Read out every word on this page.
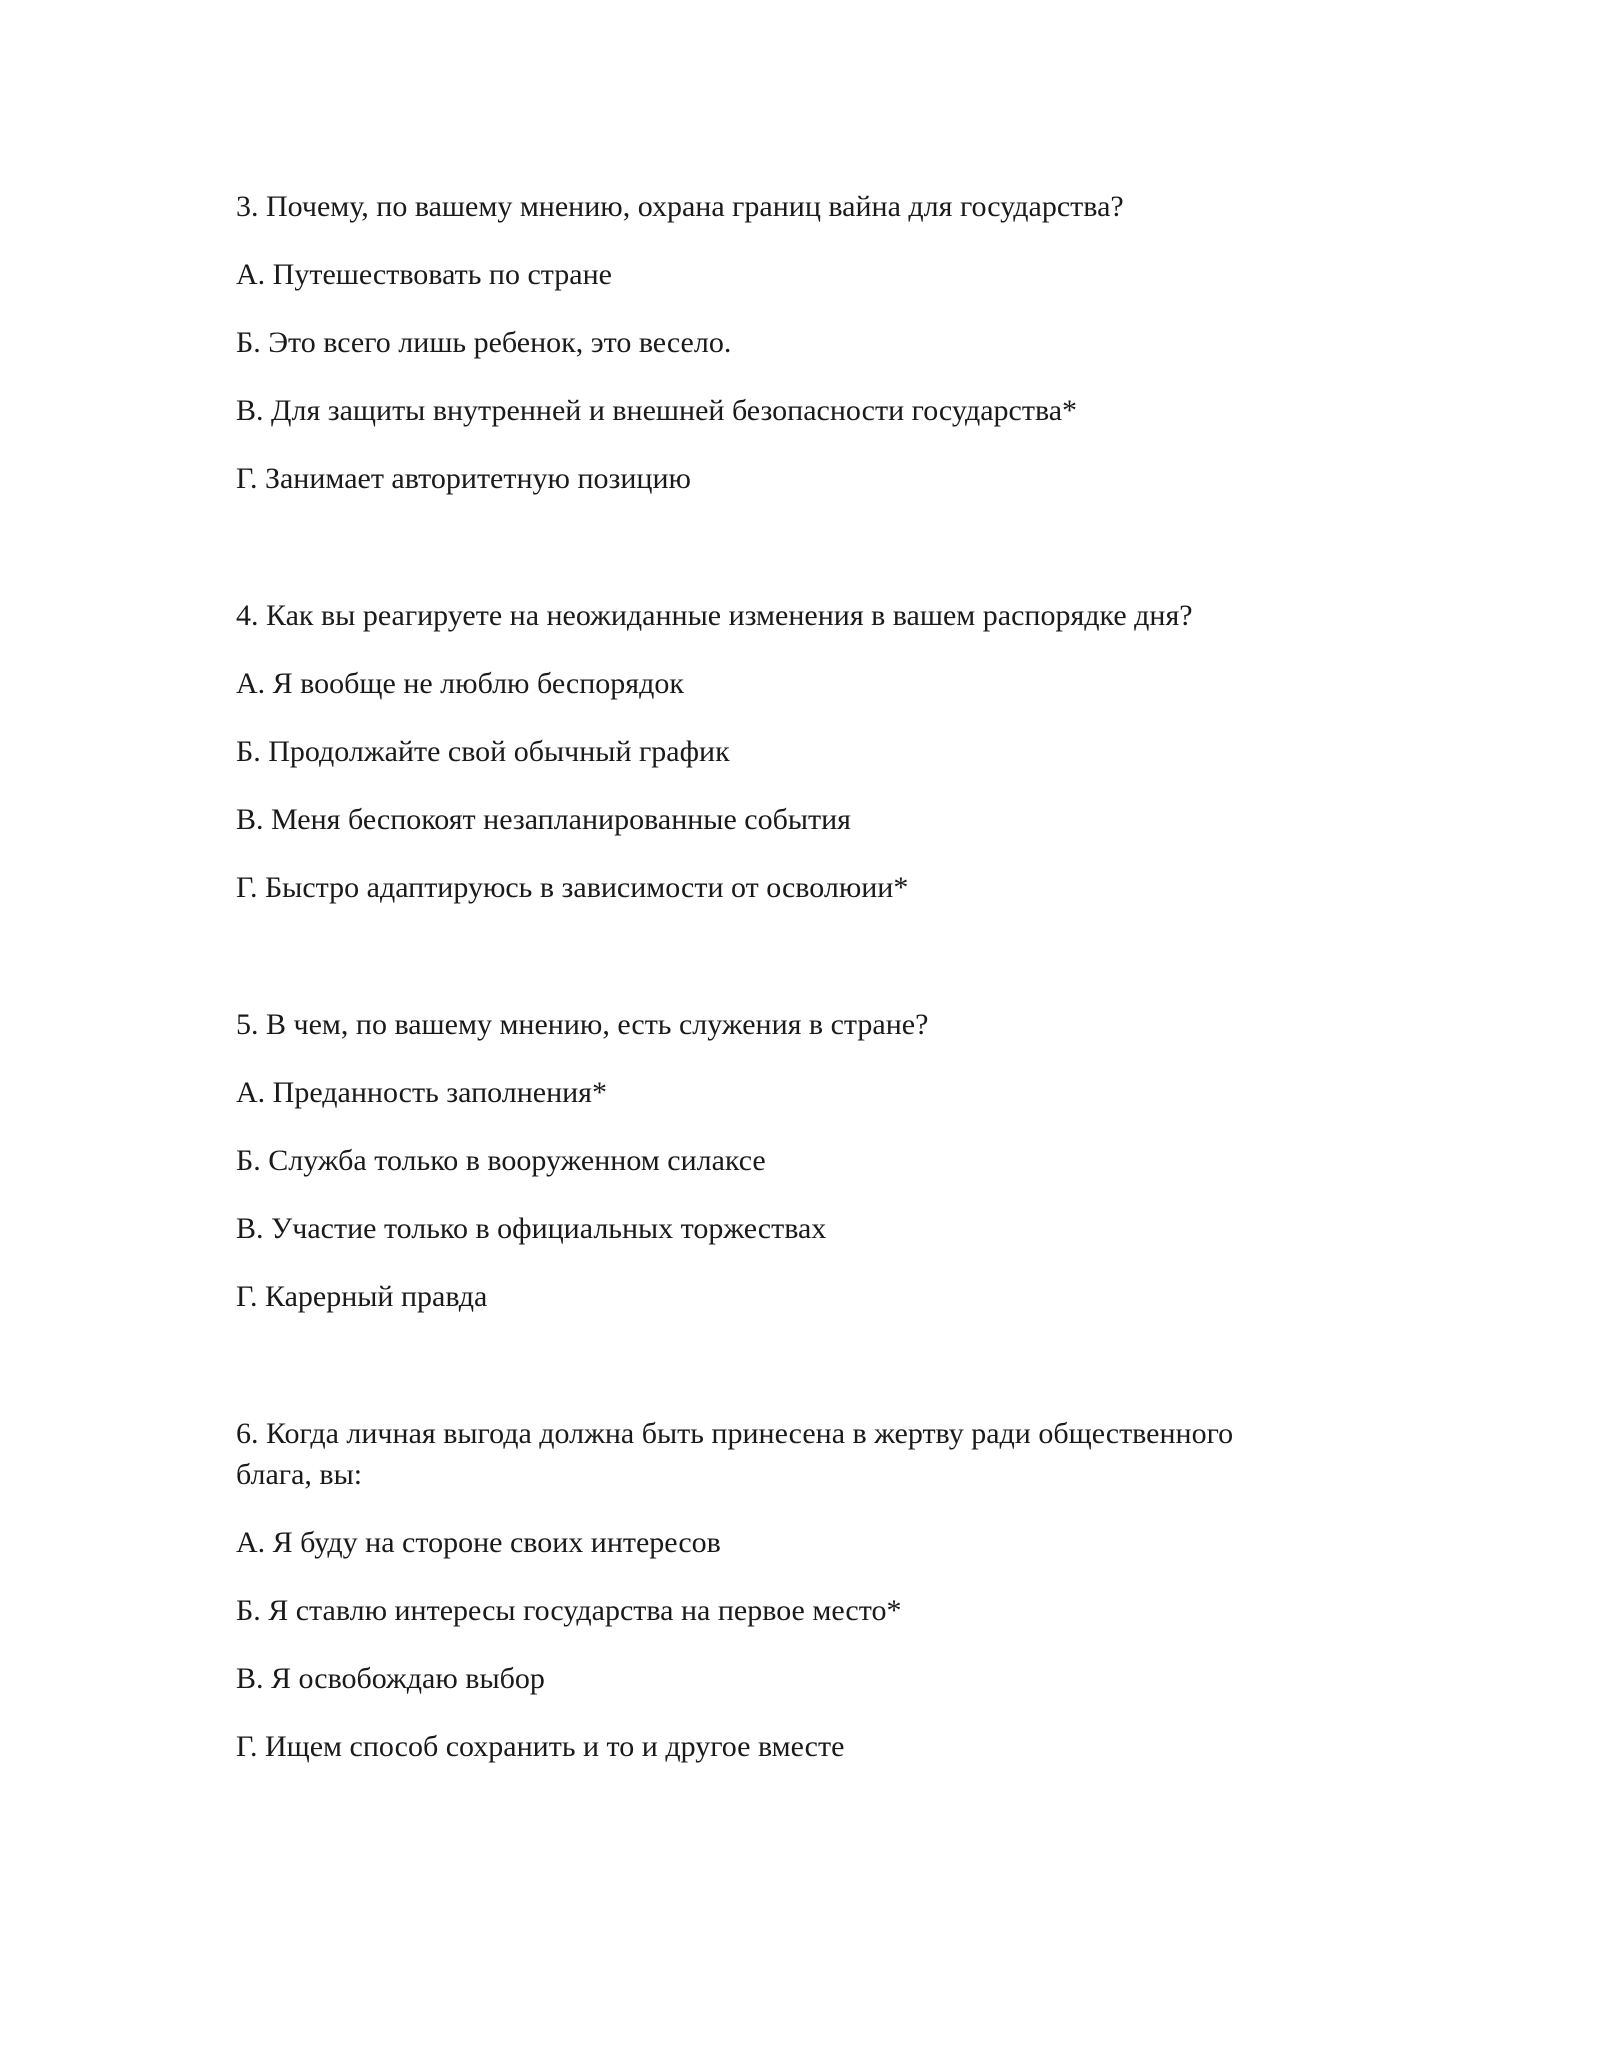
3. Почему, по вашему мнению, охрана границ вайна для государства?

А. Путешествовать по стране

Б. Это всего лишь ребенок, это весело.

В. Для защиты внутренней и внешней безопасности государства*

Г. Занимает авторитетную позицию

4. Как вы реагируете на неожиданные изменения в вашем распорядке дня?

А. Я вообще не люблю беспорядок

Б. Продолжайте свой обычный график

В. Меня беспокоят незапланированные события

Г. Быстро адаптируюсь в зависимости от осволюии*

5. В чем, по вашему мнению, есть служения в стране?

А. Преданность заполнения*

Б. Служба только в вооруженном силаксе

В. Участие только в официальных торжествах

Г. Карерный правда

6. Когда личная выгода должна быть принесена в жертву ради общественного блага, вы:

А. Я буду на стороне своих интересов

Б. Я ставлю интересы государства на первое место*

В. Я освобождаю выбор

Г. Ищем способ сохранить и то и другое вместе
